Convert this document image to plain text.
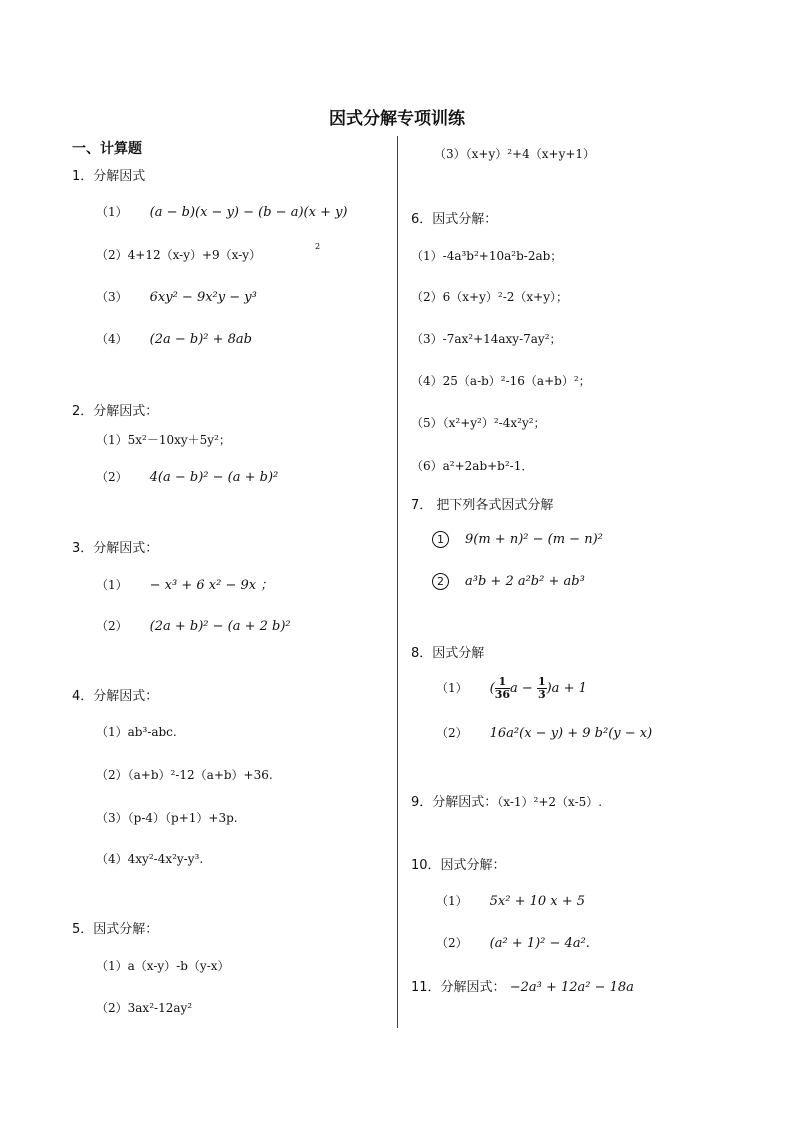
因式分解专项训练
一、计算题
1．分解因式
（1） (a − b)(x − y) − (b − a)(x + y)
（2）4+12（x-y）+9（x-y）
2
（3） 6xy² − 9x²y − y³
（4） (2a − b)² + 8ab
2．分解因式：
（1）5x²－10xy＋5y²；
（2） 4(a − b)² − (a + b)²
3．分解因式：
（1） − x³ + 6 x² − 9x ；
（2） (2a + b)² − (a + 2 b)²
4．分解因式：
（1）ab³-abc.
（2）（a+b）²-12（a+b）+36.
（3）（p-4）（p+1）+3p.
（4）4xy²-4x²y-y³.
5．因式分解：
（1）a（x-y）-b（y-x）
（2）3ax²-12ay²
（3）（x+y）²+4（x+y+1）
6．因式分解：
（1）-4a³b²+10a²b-2ab；
（2）6（x+y）²-2（x+y）；
（3）-7ax²+14axy-7ay²；
（4）25（a-b）²-16（a+b）²；
（5）（x²+y²）²-4x²y²；
（6）a²+2ab+b²-1．
7． 把下列各式因式分解
1 9(m + n)² − (m − n)²
2 a³b + 2 a²b² + ab³
8．因式分解
（1） ( $\frac{1}{36}$ $a - \frac{1}{3} )a + 1$
（2） 16a²(x − y) + 9 b²(y − x)
9．分解因式：（x-1）²+2（x-5）.
10．因式分解：
（1） 5x² + 10 x + 5
（2） (a² + 1)² − 4a².
11．分解因式： −2a³ + 12a² − 18a
